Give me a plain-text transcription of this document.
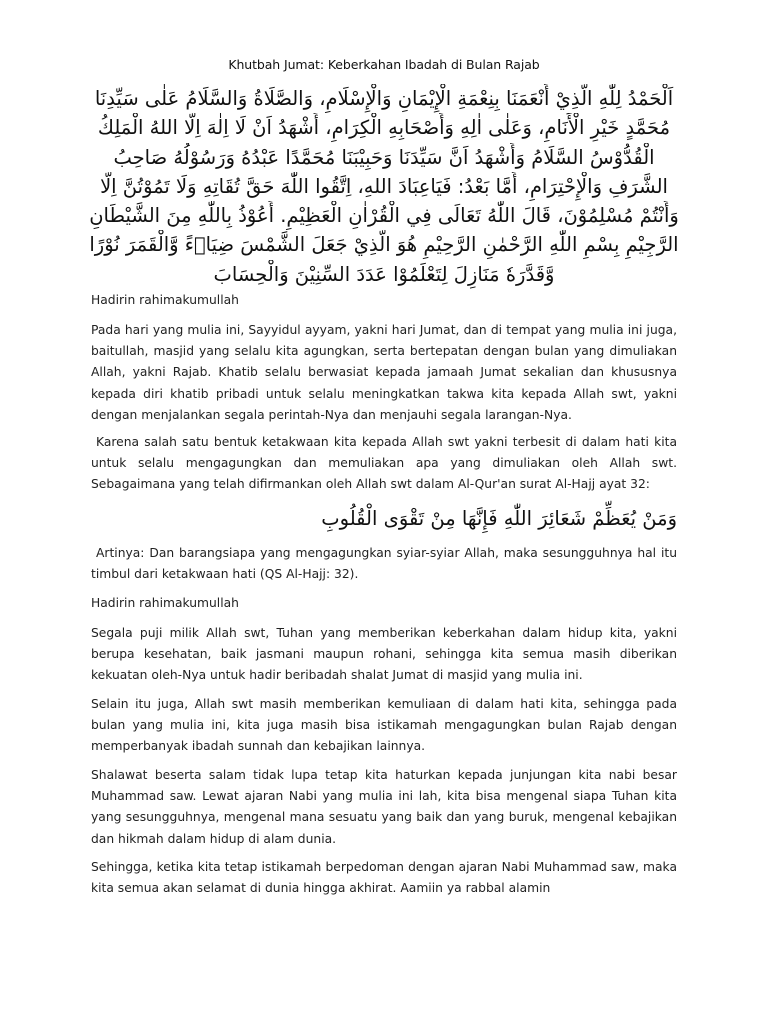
Khutbah Jumat: Keberkahan Ibadah di Bulan Rajab
اَلْحَمْدُ لِلّٰهِ الَّذِيْ أَنْعَمَنَا بِنِعْمَةِ الْإِيْمَانِ وَالْإِسْلَامِ، وَالصَّلَاةُ وَالسَّلَامُ عَلٰى سَيِّدِنَا
مُحَمَّدٍ خَيْرِ الْأَنَامِ، وَعَلٰى اٰلِهِ وَأَصْحَابِهِ الْكِرَامِ، أَشْهَدُ اَنْ لَا اِلٰهَ اِلَّا اللهُ الْمَلِكُ
الْقُدُّوْسُ السَّلَامُ وَأَشْهَدُ اَنَّ سَيِّدَنَا وَحَبِيْبَنَا مُحَمَّدًا عَبْدُهُ وَرَسُوْلُهُ صَاحِبُ
الشَّرَفِ وَالْإِحْتِرَامِ، أَمَّا بَعْدُ: فَيَاعِبَادَ اللهِ، اِتَّقُوا اللّٰهَ حَقَّ تُقَاتِهِ وَلَا تَمُوْتُنَّ اِلَّا
وَأَنْتُمْ مُسْلِمُوْنَ، قَالَ اللّٰهُ تَعَالَى فِي الْقُرْاٰنِ الْعَظِيْمِ. أَعُوْذُ بِاللّٰهِ مِنَ الشَّيْطَانِ
الرَّجِيْمِ بِسْمِ اللّٰهِ الرَّحْمٰنِ الرَّحِيْمِ هُوَ الَّذِيْ جَعَلَ الشَّمْسَ ضِيَاۤءً وَّالْقَمَرَ نُوْرًا
وَّقَدَّرَهٗ مَنَازِلَ لِتَعْلَمُوْا عَدَدَ السِّنِيْنَ وَالْحِسَابَ
Hadirin rahimakumullah
Pada hari yang mulia ini, Sayyidul ayyam, yakni hari Jumat, dan di tempat yang mulia ini juga, baitullah, masjid yang selalu kita agungkan, serta bertepatan dengan bulan yang dimuliakan Allah, yakni Rajab. Khatib selalu berwasiat kepada jamaah Jumat sekalian dan khususnya kepada diri khatib pribadi untuk selalu meningkatkan takwa kita kepada Allah swt, yakni dengan menjalankan segala perintah-Nya dan menjauhi segala larangan-Nya.
Karena salah satu bentuk ketakwaan kita kepada Allah swt yakni terbesit di dalam hati kita untuk selalu mengagungkan dan memuliakan apa yang dimuliakan oleh Allah swt. Sebagaimana yang telah difirmankan oleh Allah swt dalam Al-Qur'an surat Al-Hajj ayat 32:
وَمَنْ يُعَظِّمْ شَعَائِرَ اللّٰهِ فَإِنَّهَا مِنْ تَقْوَى الْقُلُوبِ
Artinya: Dan barangsiapa yang mengagungkan syiar-syiar Allah, maka sesungguhnya hal itu timbul dari ketakwaan hati (QS Al-Hajj: 32).
Hadirin rahimakumullah
Segala puji milik Allah swt, Tuhan yang memberikan keberkahan dalam hidup kita, yakni berupa kesehatan, baik jasmani maupun rohani, sehingga kita semua masih diberikan kekuatan oleh-Nya untuk hadir beribadah shalat Jumat di masjid yang mulia ini.
Selain itu juga, Allah swt masih memberikan kemuliaan di dalam hati kita, sehingga pada bulan yang mulia ini, kita juga masih bisa istikamah mengagungkan bulan Rajab dengan memperbanyak ibadah sunnah dan kebajikan lainnya.
Shalawat beserta salam tidak lupa tetap kita haturkan kepada junjungan kita nabi besar Muhammad saw. Lewat ajaran Nabi yang mulia ini lah, kita bisa mengenal siapa Tuhan kita yang sesungguhnya, mengenal mana sesuatu yang baik dan yang buruk, mengenal kebajikan dan hikmah dalam hidup di alam dunia.
Sehingga, ketika kita tetap istikamah berpedoman dengan ajaran Nabi Muhammad saw, maka kita semua akan selamat di dunia hingga akhirat. Aamiin ya rabbal alamin
